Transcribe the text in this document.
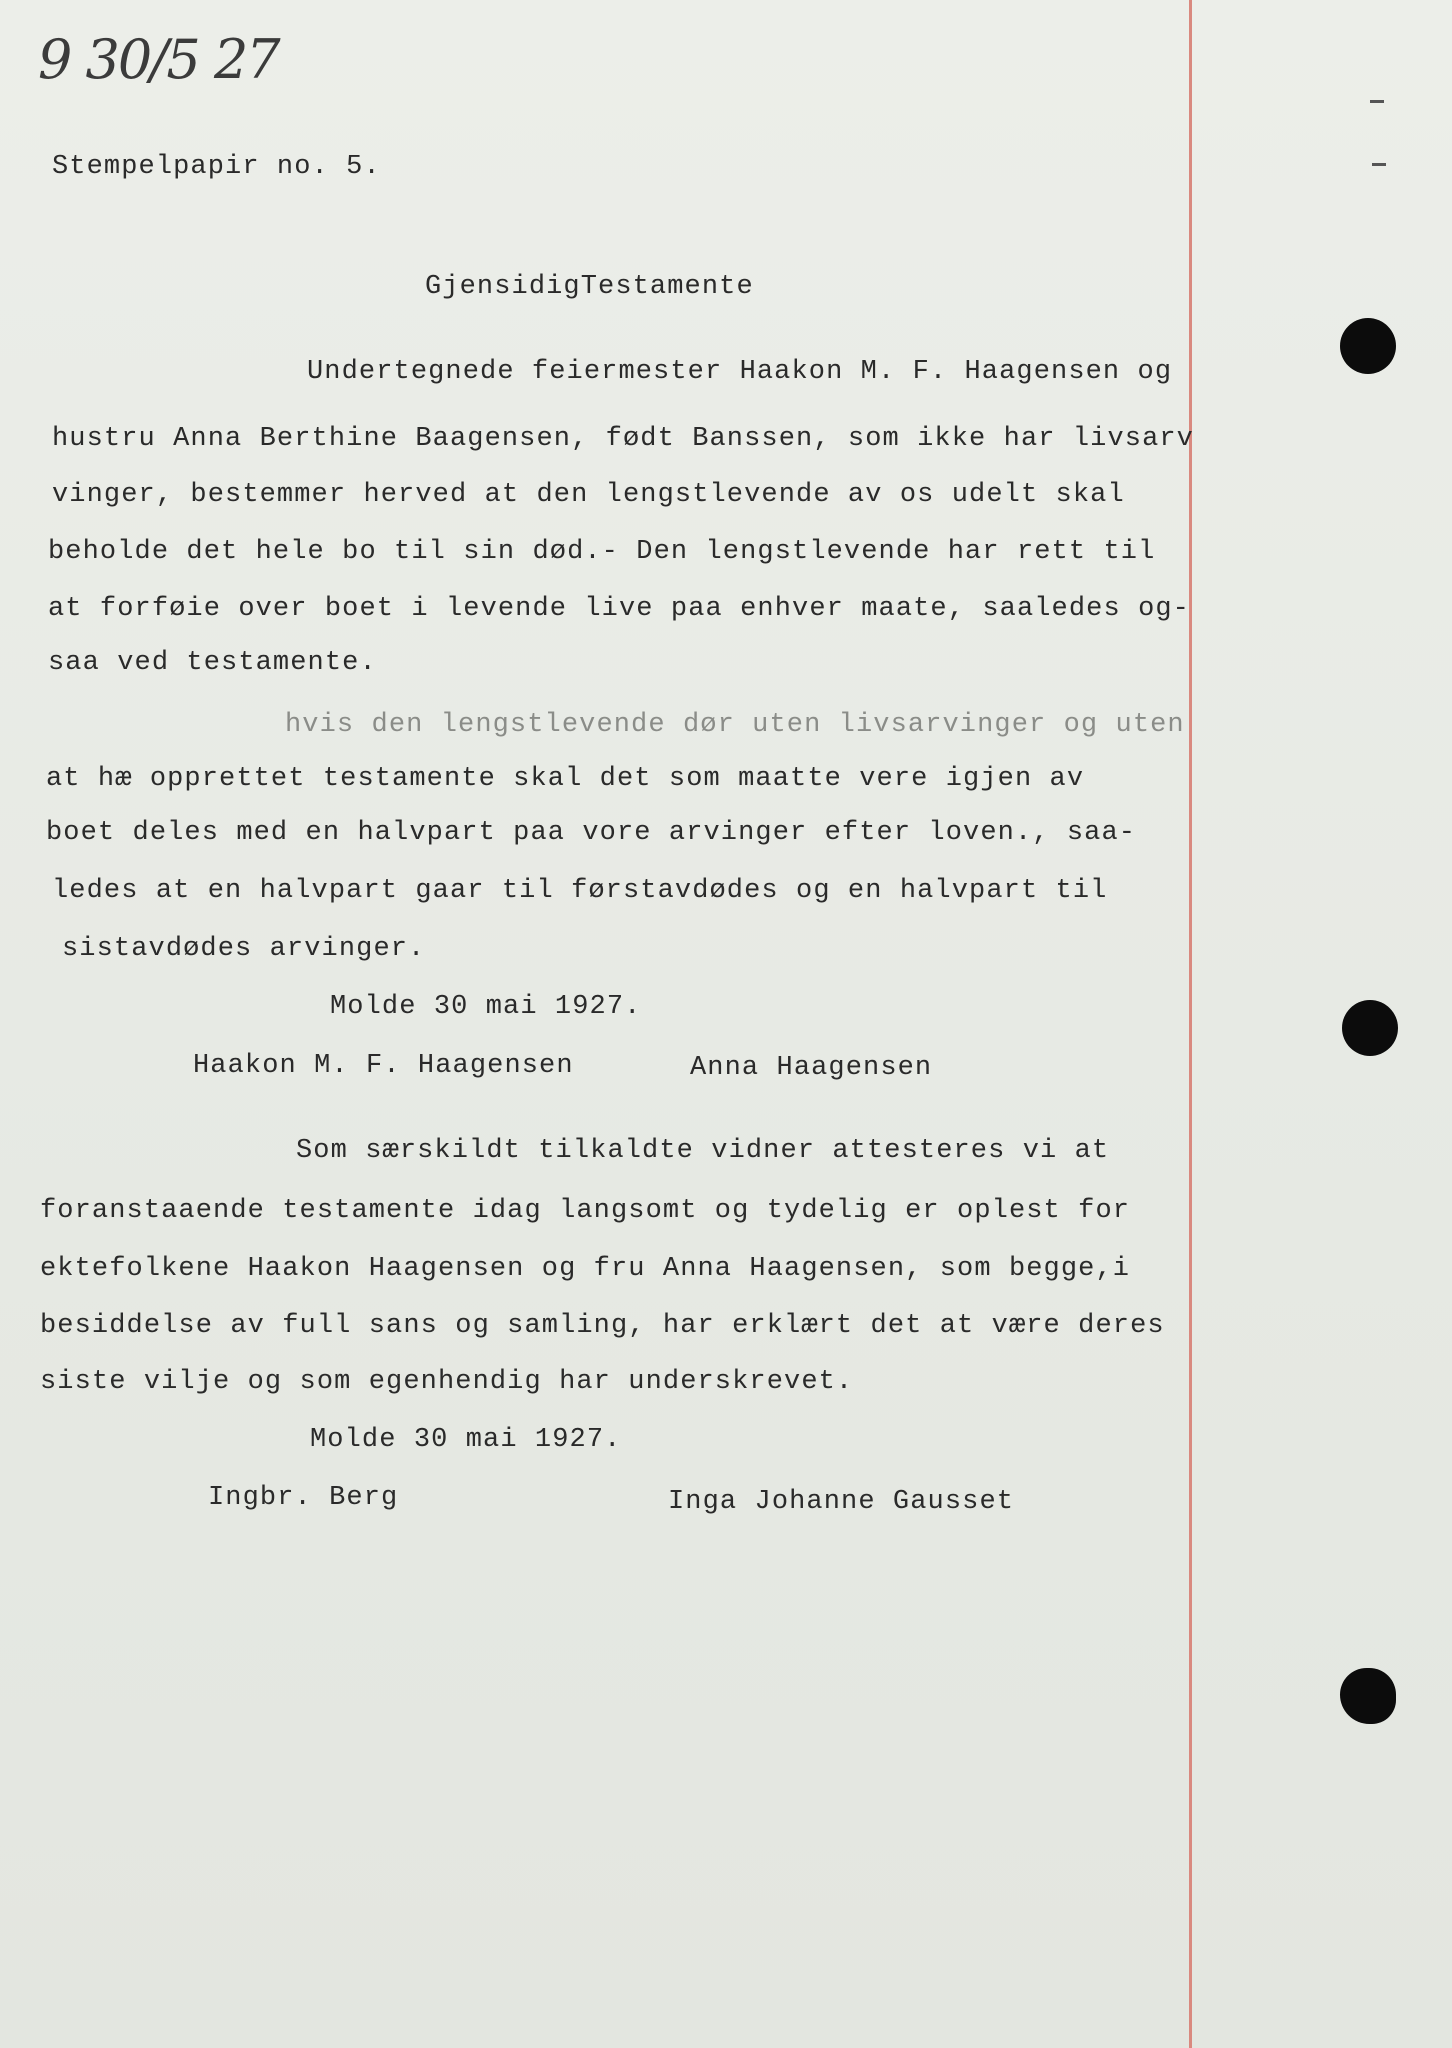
9 30/5 27
Stempelpapir no. 5.
GjensidigTestamente
Undertegnede feiermester Haakon M. F. Haagensen og
hustru Anna Berthine Baagensen, født Banssen, som ikke har livsarv
vinger, bestemmer herved at den lengstlevende av os udelt skal
beholde det hele bo til sin død.- Den lengstlevende har rett til
at forføie over boet i levende live paa enhver maate, saaledes og-
saa ved testamente.
hvis den lengstlevende dør uten livsarvinger og uten
at hæ opprettet testamente skal det som maatte vere igjen av
boet deles med en halvpart paa vore arvinger efter loven., saa-
ledes at en halvpart gaar til førstavdødes og en halvpart til
sistavdødes arvinger.
Molde 30 mai 1927.
Haakon M. F. Haagensen	Anna Haagensen
Som særskildt tilkaldte vidner attesteres vi at
foranstaaende testamente idag langsomt og tydelig er oplest for
ektefolkene Haakon Haagensen og fru Anna Haagensen, som begge,i
besiddelse av full sans og samling, har erklært det at være deres
siste vilje og som egenhendig har underskrevet.
Molde 30 mai 1927.
Ingbr. Berg	Inga Johanne Gausset
